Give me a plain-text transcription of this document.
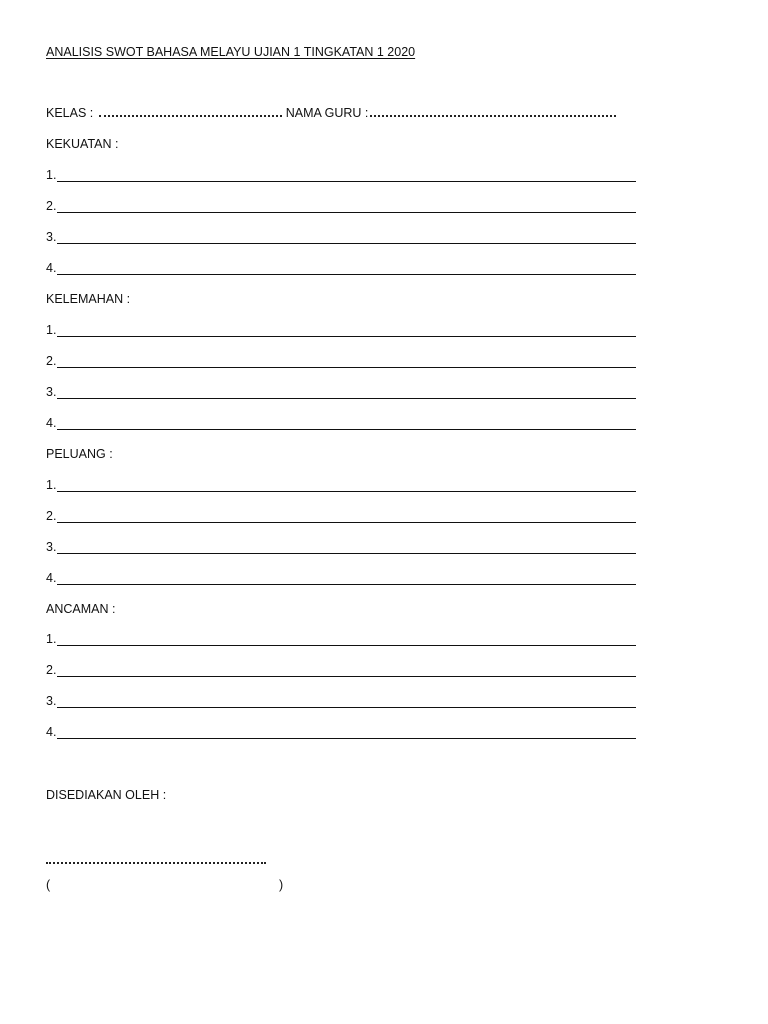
ANALISIS SWOT BAHASA MELAYU UJIAN 1 TINGKATAN 1 2020
KELAS :	NAMA GURU :
KEKUATAN :
1.
2.
3.
4.
KELEMAHAN :
1.
2.
3.
4.
PELUANG :
1.
2.
3.
4.
ANCAMAN :
1.
2.
3.
4.
DISEDIAKAN OLEH :
(	)
